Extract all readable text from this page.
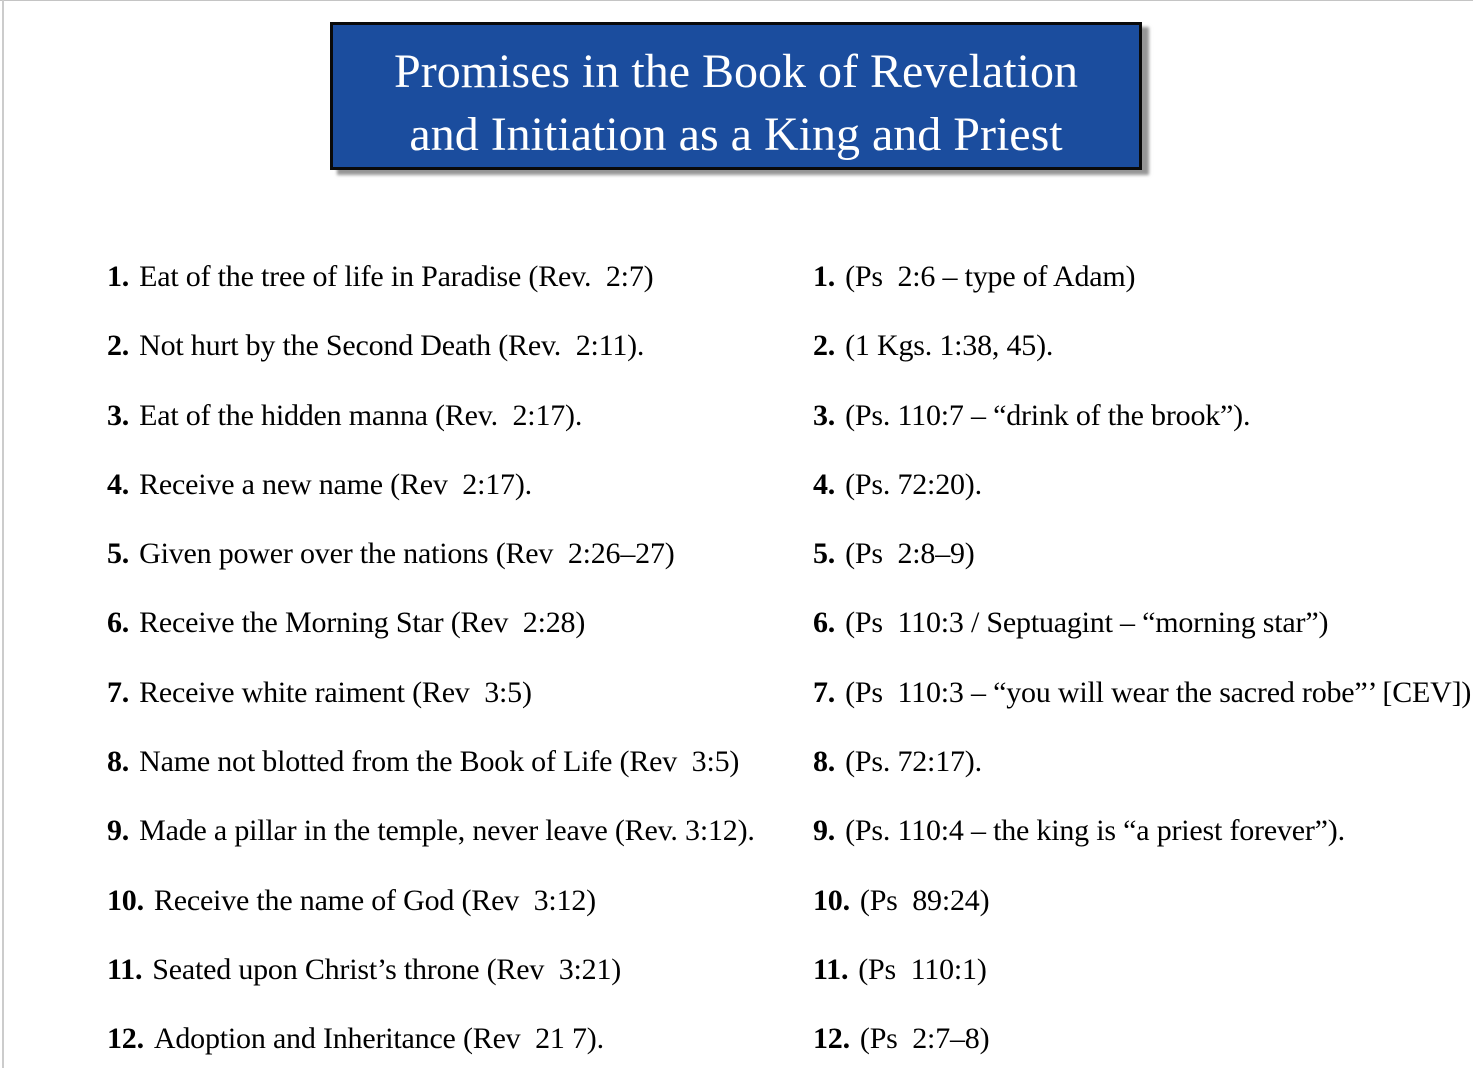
Promises in the Book of Revelation
and Initiation as a King and Priest
1. Eat of the tree of life in Paradise (Rev.  2:7)	1. (Ps  2:6 – type of Adam)
2. Not hurt by the Second Death (Rev.  2:11).	2. (1 Kgs. 1:38, 45).
3. Eat of the hidden manna (Rev.  2:17).	3. (Ps. 110:7 – “drink of the brook”).
4. Receive a new name (Rev  2:17).	4. (Ps. 72:20).
5. Given power over the nations (Rev  2:26–27)	5. (Ps  2:8–9)
6. Receive the Morning Star (Rev  2:28)	6. (Ps  110:3 / Septuagint – “morning star”)
7. Receive white raiment (Rev  3:5)	7. (Ps  110:3 – “you will wear the sacred robe”’ [CEV])
8. Name not blotted from the Book of Life (Rev  3:5) 8. (Ps. 72:17).
9. Made a pillar in the temple, never leave (Rev. 3:12). 9. (Ps. 110:4 – the king is “a priest forever”).
10. Receive the name of God (Rev  3:12)	10. (Ps  89:24)
11. Seated upon Christ’s throne (Rev  3:21)	11. (Ps  110:1)
12. Adoption and Inheritance (Rev  21 7).	12. (Ps  2:7–8)
